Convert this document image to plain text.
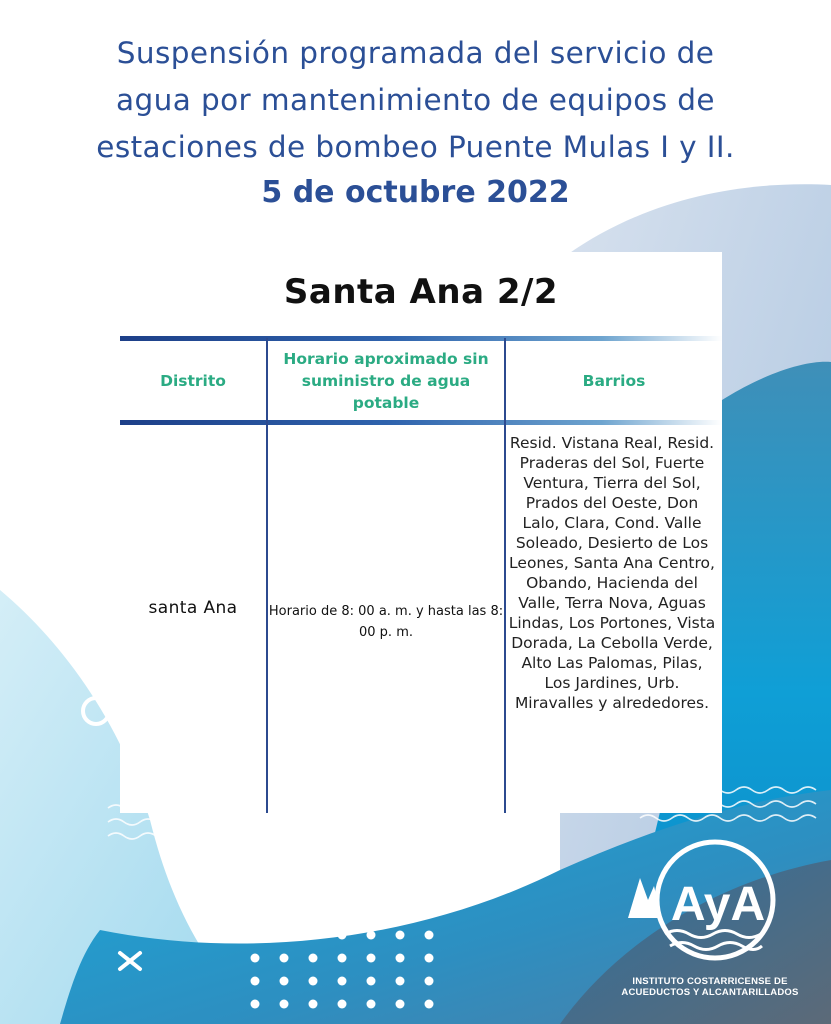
Suspensión programada del servicio de
agua por mantenimiento de equipos de
estaciones de bombeo Puente Mulas I y II.
5 de octubre 2022
Santa Ana 2/2
Distrito
Horario aproximado sin suministro de agua potable
Barrios
santa Ana	Horario de 8: 00 a. m. y hasta las 8: 00 p. m.
Resid. Vistana Real, Resid. Praderas del Sol, Fuerte Ventura, Tierra del Sol, Prados del Oeste, Don Lalo, Clara, Cond. Valle Soleado, Desierto de Los Leones, Santa Ana Centro, Obando, Hacienda del Valle, Terra Nova, Aguas Lindas, Los Portones, Vista Dorada, La Cebolla Verde, Alto Las Palomas, Pilas, Los Jardines, Urb. Miravalles y alrededores.
AyA
INSTITUTO COSTARRICENSE DE
ACUEDUCTOS Y ALCANTARILLADOS
